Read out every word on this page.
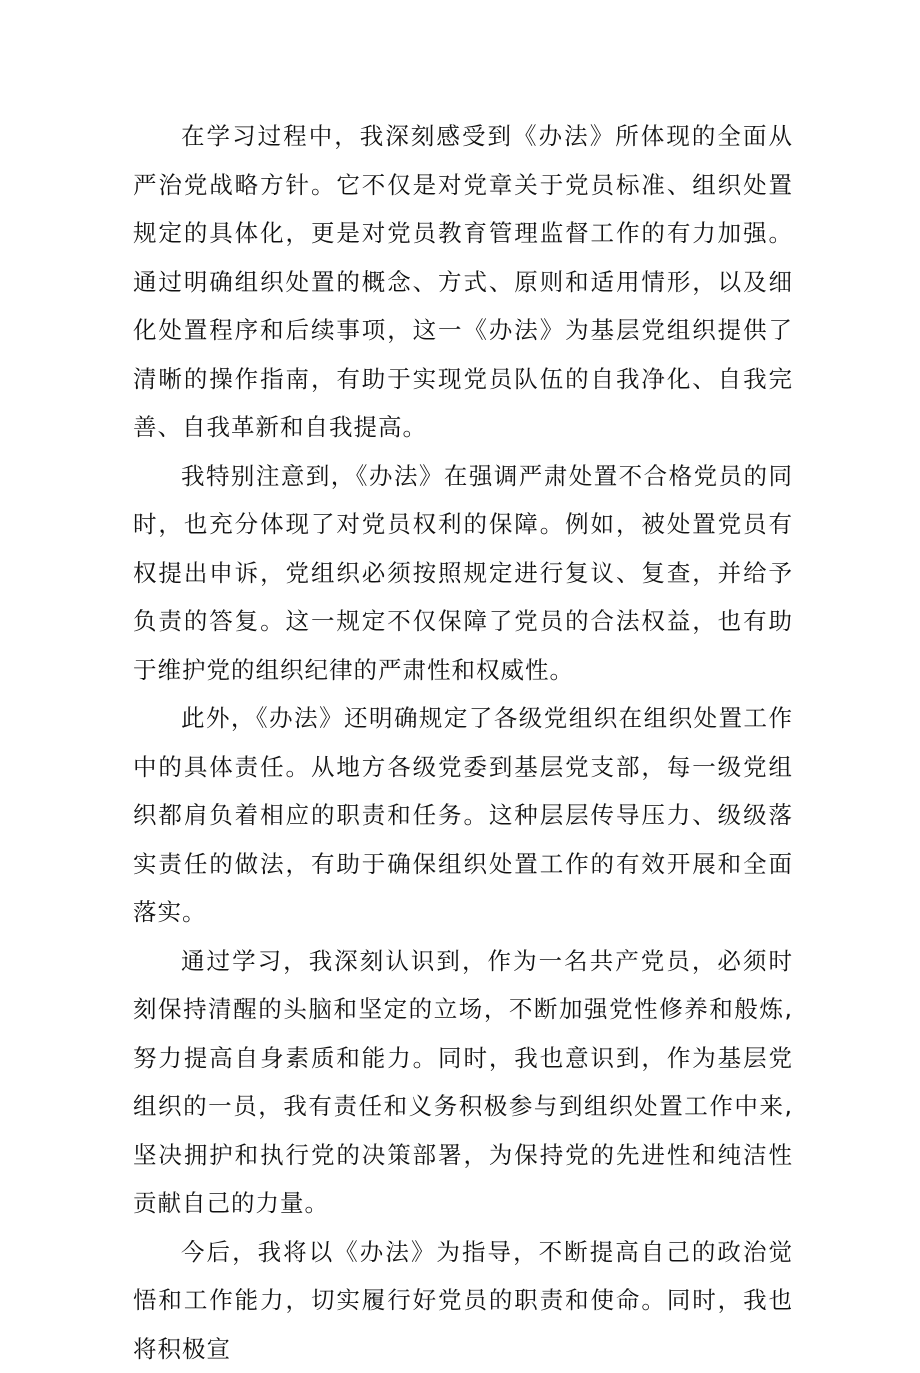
在学习过程中，我深刻感受到《办法》所体现的全面从严治党战略方针。它不仅是对党章关于党员标准、组织处置规定的具体化，更是对党员教育管理监督工作的有力加强。通过明确组织处置的概念、方式、原则和适用情形，以及细化处置程序和后续事项，这一《办法》为基层党组织提供了清晰的操作指南，有助于实现党员队伍的自我净化、自我完善、自我革新和自我提高。

我特别注意到，《办法》在强调严肃处置不合格党员的同时，也充分体现了对党员权利的保障。例如，被处置党员有权提出申诉，党组织必须按照规定进行复议、复查，并给予负责的答复。这一规定不仅保障了党员的合法权益，也有助于维护党的组织纪律的严肃性和权威性。

此外，《办法》还明确规定了各级党组织在组织处置工作中的具体责任。从地方各级党委到基层党支部，每一级党组织都肩负着相应的职责和任务。这种层层传导压力、级级落实责任的做法，有助于确保组织处置工作的有效开展和全面落实。

通过学习，我深刻认识到，作为一名共产党员，必须时刻保持清醒的头脑和坚定的立场，不断加强党性修养和般炼,努力提高自身素质和能力。同时，我也意识到，作为基层党组织的一员，我有责任和义务积极参与到组织处置工作中来,坚决拥护和执行党的决策部署，为保持党的先进性和纯洁性贡献自己的力量。

今后，我将以《办法》为指导，不断提高自己的政治觉悟和工作能力，切实履行好党员的职责和使命。同时，我也将积极宣
